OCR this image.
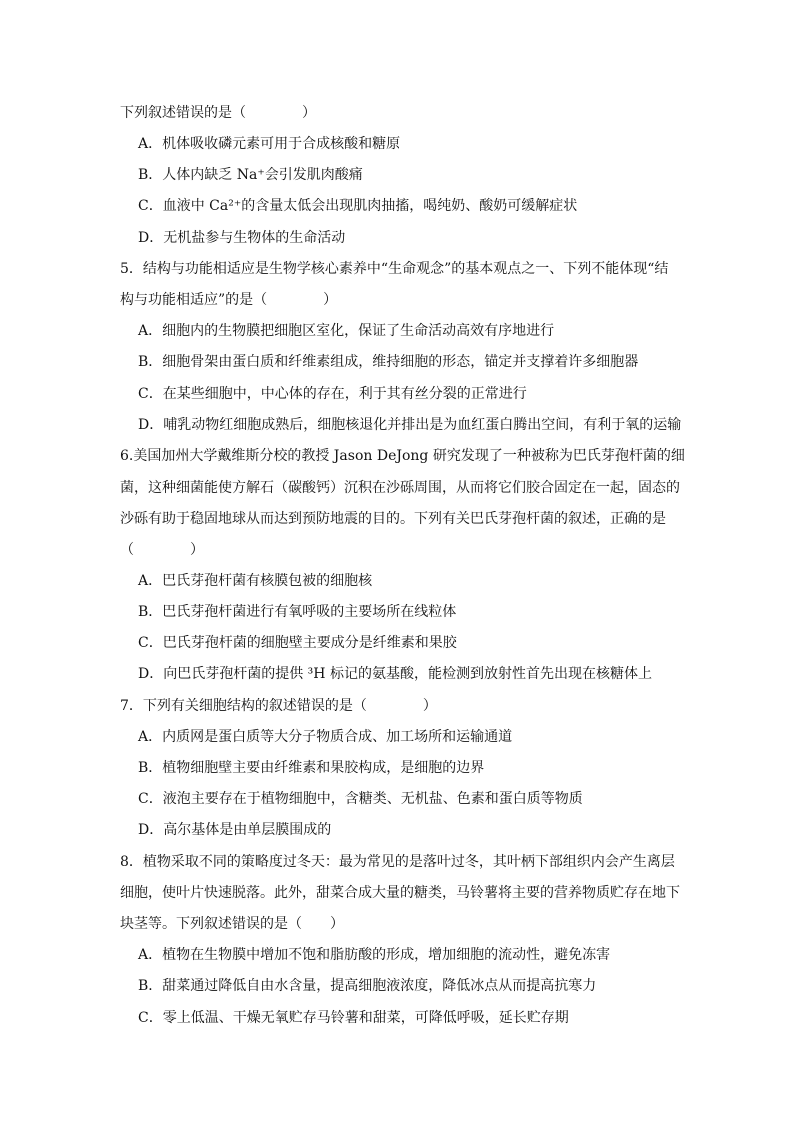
下列叙述错误的是（　　　　）
A．机体吸收磷元素可用于合成核酸和糖原
B．人体内缺乏 Na⁺会引发肌肉酸痛
C．血液中 Ca²⁺的含量太低会出现肌肉抽搐，喝纯奶、酸奶可缓解症状
D．无机盐参与生物体的生命活动
5．结构与功能相适应是生物学核心素养中“生命观念”的基本观点之一、下列不能体现“结
构与功能相适应”的是（　　　　）
A．细胞内的生物膜把细胞区室化，保证了生命活动高效有序地进行
B．细胞骨架由蛋白质和纤维素组成，维持细胞的形态，锚定并支撑着许多细胞器
C．在某些细胞中，中心体的存在，利于其有丝分裂的正常进行
D．哺乳动物红细胞成熟后，细胞核退化并排出是为血红蛋白腾出空间，有利于氧的运输
6.美国加州大学戴维斯分校的教授 Jason DeJong 研究发现了一种被称为巴氏芽孢杆菌的细
菌，这种细菌能使方解石（碳酸钙）沉积在沙砾周围，从而将它们胶合固定在一起，固态的
沙砾有助于稳固地球从而达到预防地震的目的。下列有关巴氏芽孢杆菌的叙述，正确的是
（　　　　）
A．巴氏芽孢杆菌有核膜包被的细胞核
B．巴氏芽孢杆菌进行有氧呼吸的主要场所在线粒体
C．巴氏芽孢杆菌的细胞壁主要成分是纤维素和果胶
D．向巴氏芽孢杆菌的提供 ³H 标记的氨基酸，能检测到放射性首先出现在核糖体上
7．下列有关细胞结构的叙述错误的是（　　　　）
A．内质网是蛋白质等大分子物质合成、加工场所和运输通道
B．植物细胞壁主要由纤维素和果胶构成，是细胞的边界
C．液泡主要存在于植物细胞中，含糖类、无机盐、色素和蛋白质等物质
D．高尔基体是由单层膜围成的
8．植物采取不同的策略度过冬天：最为常见的是落叶过冬，其叶柄下部组织内会产生离层
细胞，使叶片快速脱落。此外，甜菜合成大量的糖类，马铃薯将主要的营养物质贮存在地下
块茎等。下列叙述错误的是（　　）
A．植物在生物膜中增加不饱和脂肪酸的形成，增加细胞的流动性，避免冻害
B．甜菜通过降低自由水含量，提高细胞液浓度，降低冰点从而提高抗寒力
C．零上低温、干燥无氧贮存马铃薯和甜菜，可降低呼吸，延长贮存期
